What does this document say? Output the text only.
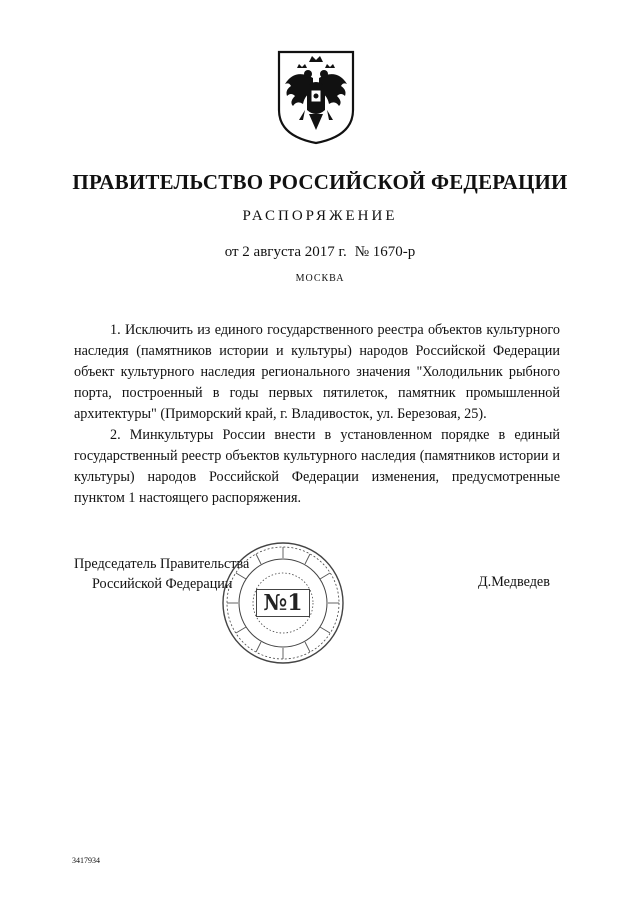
ПРАВИТЕЛЬСТВО РОССИЙСКОЙ ФЕДЕРАЦИИ
РАСПОРЯЖЕНИЕ
от 2 августа 2017 г. № 1670-р
МОСКВА

1. Исключить из единого государственного реестра объектов культурного наследия (памятников истории и культуры) народов Российской Федерации объект культурного наследия регионального значения "Холодильник рыбного порта, построенный в годы первых пятилеток, памятник промышленной архитектуры" (Приморский край, г. Владивосток, ул. Березовая, 25).

2. Минкультуры России внести в установленном порядке в единый государственный реестр объектов культурного наследия (памятников истории и культуры) народов Российской Федерации изменения, предусмотренные пунктом 1 настоящего распоряжения.

Председатель Правительства
Российской Федерации	Д.Медведев
№1
3417934
